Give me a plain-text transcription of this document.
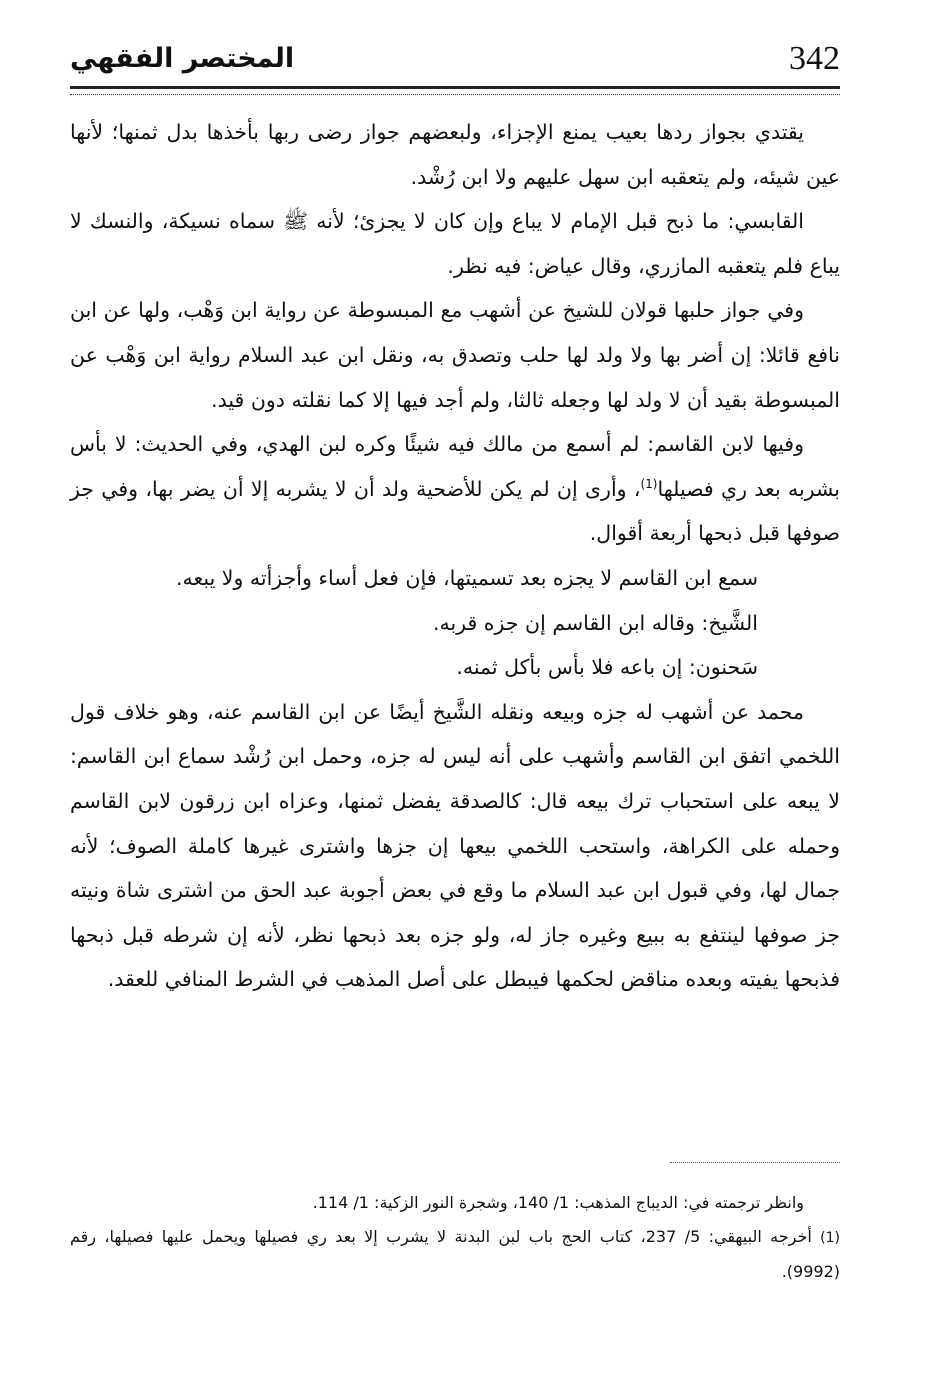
342
المختصر الفقهي

يقتدي بجواز ردها بعيب يمنع الإجزاء، ولبعضهم جواز رضى ربها بأخذها بدل ثمنها؛ لأنها عين شيئه، ولم يتعقبه ابن سهل عليهم ولا ابن رُشْد.

القابسي: ما ذبح قبل الإمام لا يباع وإن كان لا يجزئ؛ لأنه ﷺ سماه نسيكة، والنسك لا يباع فلم يتعقبه المازري، وقال عياض: فيه نظر.

وفي جواز حلبها قولان للشيخ عن أشهب مع المبسوطة عن رواية ابن وَهْب، ولها عن ابن نافع قائلا: إن أضر بها ولا ولد لها حلب وتصدق به، ونقل ابن عبد السلام رواية ابن وَهْب عن المبسوطة بقيد أن لا ولد لها وجعله ثالثا، ولم أجد فيها إلا كما نقلته دون قيد.

وفيها لابن القاسم: لم أسمع من مالك فيه شيئًا وكره لبن الهدي، وفي الحديث: لا بأس بشربه بعد ري فصيلها$^{(1)}$، وأرى إن لم يكن للأضحية ولد أن لا يشربه إلا أن يضر بها، وفي جز صوفها قبل ذبحها أربعة أقوال.

سمع ابن القاسم لا يجزه بعد تسميتها، فإن فعل أساء وأجزأته ولا يبعه.

الشَّيخ: وقاله ابن القاسم إن جزه قربه.

سَحنون: إن باعه فلا بأس بأكل ثمنه.

محمد عن أشهب له جزه وبيعه ونقله الشَّيخ أيضًا عن ابن القاسم عنه، وهو خلاف قول اللخمي اتفق ابن القاسم وأشهب على أنه ليس له جزه، وحمل ابن رُشْد سماع ابن القاسم: لا يبعه على استحباب ترك بيعه قال: كالصدقة يفضل ثمنها، وعزاه ابن زرقون لابن القاسم وحمله على الكراهة، واستحب اللخمي بيعها إن جزها واشترى غيرها كاملة الصوف؛ لأنه جمال لها، وفي قبول ابن عبد السلام ما وقع في بعض أجوبة عبد الحق من اشترى شاة ونيته جز صوفها لينتفع به ببيع وغيره جاز له، ولو جزه بعد ذبحها نظر، لأنه إن شرطه قبل ذبحها فذبحها يفيته وبعده مناقض لحكمها فيبطل على أصل المذهب في الشرط المنافي للعقد.

وانظر ترجمته في: الديباج المذهب: 1/ 140، وشجرة النور الزكية: 1/ 114.

(1) أخرجه البيهقي: 5/ 237، كتاب الحج باب لبن البدنة لا يشرب إلا بعد ري فصيلها ويحمل عليها فصيلها، رقم (9992).
